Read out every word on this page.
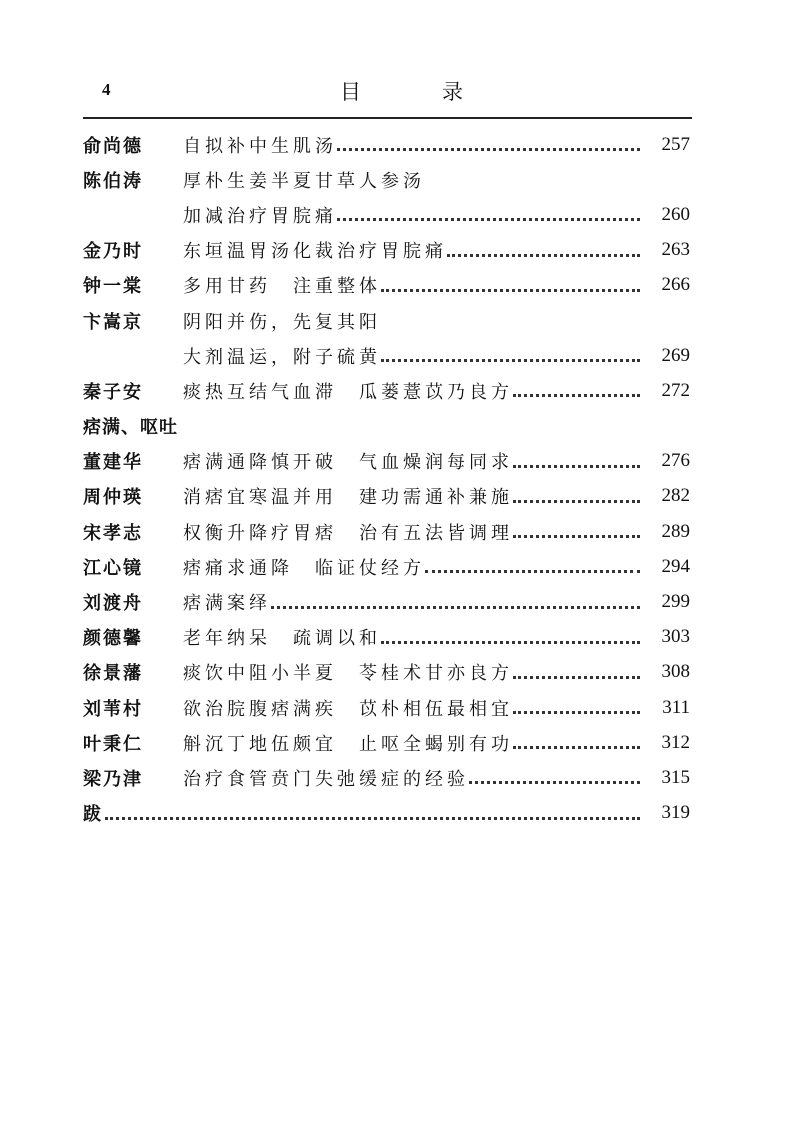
4	目　录
俞尚德	自拟补中生肌汤	257
陈伯涛	厚朴生姜半夏甘草人参汤
加减治疗胃脘痛	260
金乃时	东垣温胃汤化裁治疗胃脘痛	263
钟一棠	多用甘药　注重整体	266
卞嵩京	阴阳并伤，先复其阳
大剂温运，附子硫黄	269
秦子安	痰热互结气血滞　瓜蒌薏苡乃良方	272
痞满、呕吐
董建华	痞满通降慎开破　气血燥润每同求	276
周仲瑛	消痞宜寒温并用　建功需通补兼施	282
宋孝志	权衡升降疗胃痞　治有五法皆调理	289
江心镜	痞痛求通降　临证仗经方	294
刘渡舟	痞满案绎	299
颜德馨	老年纳呆　疏调以和	303
徐景藩	痰饮中阻小半夏　苓桂术甘亦良方	308
刘苇村	欲治脘腹痞满疾　苡朴相伍最相宜	311
叶秉仁	斛沉丁地伍颇宜　止呕全蝎别有功	312
梁乃津	治疗食管贲门失弛缓症的经验	315
跋	319
